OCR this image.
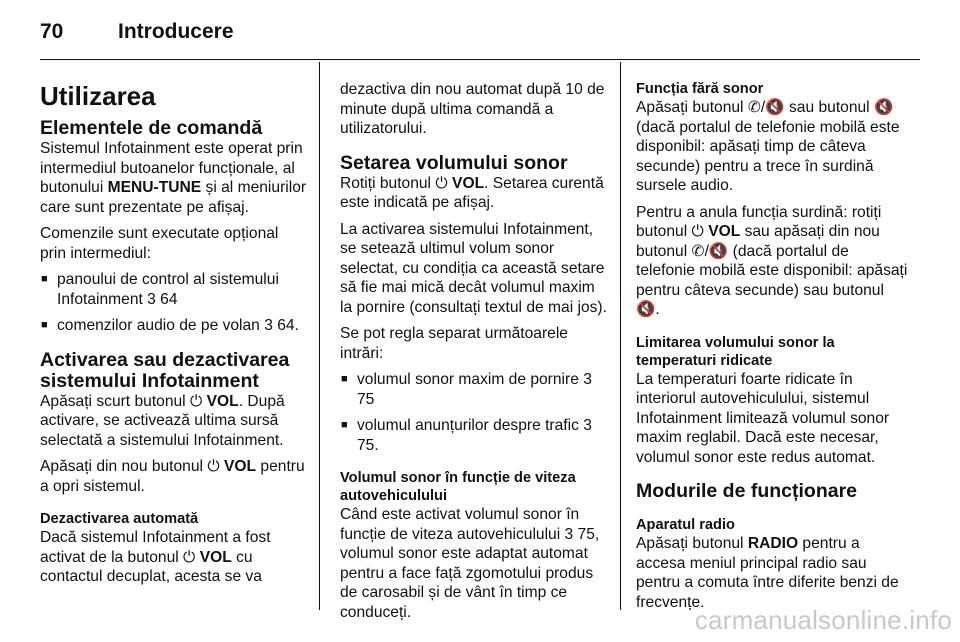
70	Introducere
Utilizarea
Elementele de comandă

Sistemul Infotainment este operat prin intermediul butoanelor funcționale, al butonului MENU-TUNE și al meniurilor care sunt prezentate pe afișaj.

Comenzile sunt executate opțional prin intermediul:

■ panoului de control al sistemului Infotainment 3 64
■ comenzilor audio de pe volan 3 64.
Activarea sau dezactivarea sistemului Infotainment

Apăsați scurt butonul ⏻ VOL. După activare, se activează ultima sursă selectată a sistemului Infotainment.

Apăsați din nou butonul ⏻ VOL pentru a opri sistemul.

Dezactivarea automată

Dacă sistemul Infotainment a fost activat de la butonul ⏻ VOL cu contactul decuplat, acesta se va

dezactiva din nou automat după 10 de minute după ultima comandă a utilizatorului.

Setarea volumului sonor

Rotiți butonul ⏻ VOL. Setarea curentă este indicată pe afișaj.

La activarea sistemului Infotainment, se setează ultimul volum sonor selectat, cu condiția ca această setare să fie mai mică decât volumul maxim la pornire (consultați textul de mai jos).

Se pot regla separat următoarele intrări:

■ volumul sonor maxim de pornire 3 75
■ volumul anunțurilor despre trafic 3 75.
Volumul sonor în funcție de viteza autovehiculului

Când este activat volumul sonor în funcție de viteza autovehiculului 3 75, volumul sonor este adaptat automat pentru a face față zgomotului produs de carosabil și de vânt în timp ce conduceți.

Funcția fără sonor

Apăsați butonul ✆/🔇 sau butonul 🔇 (dacă portalul de telefonie mobilă este disponibil: apăsați timp de câteva secunde) pentru a trece în surdină sursele audio.

Pentru a anula funcția surdină: rotiți butonul ⏻ VOL sau apăsați din nou butonul ✆/🔇 (dacă portalul de telefonie mobilă este disponibil: apăsați pentru câteva secunde) sau butonul 🔇.

Limitarea volumului sonor la temperaturi ridicate

La temperaturi foarte ridicate în interiorul autovehiculului, sistemul Infotainment limitează volumul sonor maxim reglabil. Dacă este necesar, volumul sonor este redus automat.

Modurile de funcționare
Aparatul radio

Apăsați butonul RADIO pentru a accesa meniul principal radio sau pentru a comuta între diferite benzi de frecvențe.

carmanualsonline.info
